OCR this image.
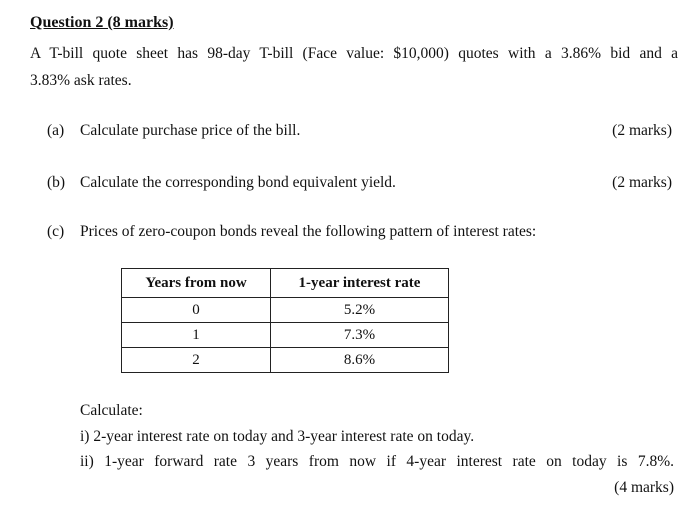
Question 2 (8 marks)
A T-bill quote sheet has 98-day T-bill (Face value: $10,000) quotes with a 3.86% bid and a
3.83% ask rates.
(a) Calculate purchase price of the bill.	(2 marks)
(b) Calculate the corresponding bond equivalent yield.	(2 marks)
(c) Prices of zero-coupon bonds reveal the following pattern of interest rates:
Years from now	1-year interest rate
0	5.2%
1	7.3%
2	8.6%
Calculate:
i) 2-year interest rate on today and 3-year interest rate on today.
ii) 1-year forward rate 3 years from now if 4-year interest rate on today is 7.8%.
(4 marks)
